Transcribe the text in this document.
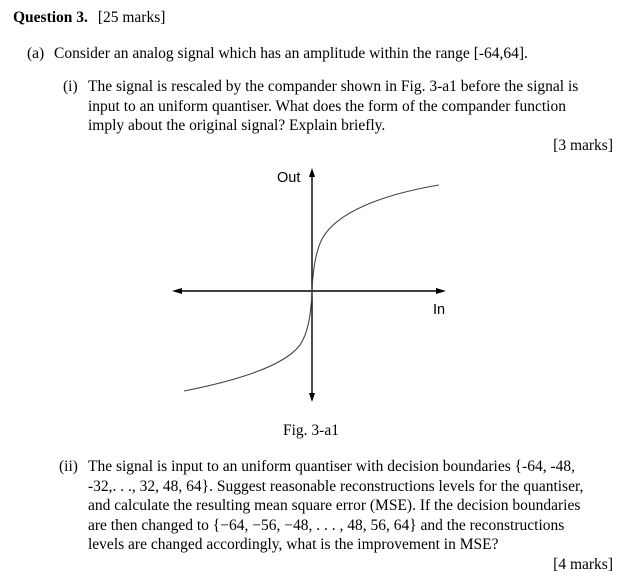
Question 3. [25 marks]
(a) Consider an analog signal which has an amplitude within the range [-64,64].
(i) The signal is rescaled by the compander shown in Fig. 3-a1 before the signal is
input to an uniform quantiser. What does the form of the compander function
imply about the original signal? Explain briefly.
[3 marks]
Out
In
Fig. 3-a1
(ii) The signal is input to an uniform quantiser with decision boundaries {-64, -48,
-32,. . ., 32, 48, 64}. Suggest reasonable reconstructions levels for the quantiser,
and calculate the resulting mean square error (MSE). If the decision boundaries
are then changed to {−64, −56, −48, . . . , 48, 56, 64} and the reconstructions
levels are changed accordingly, what is the improvement in MSE?
[4 marks]
